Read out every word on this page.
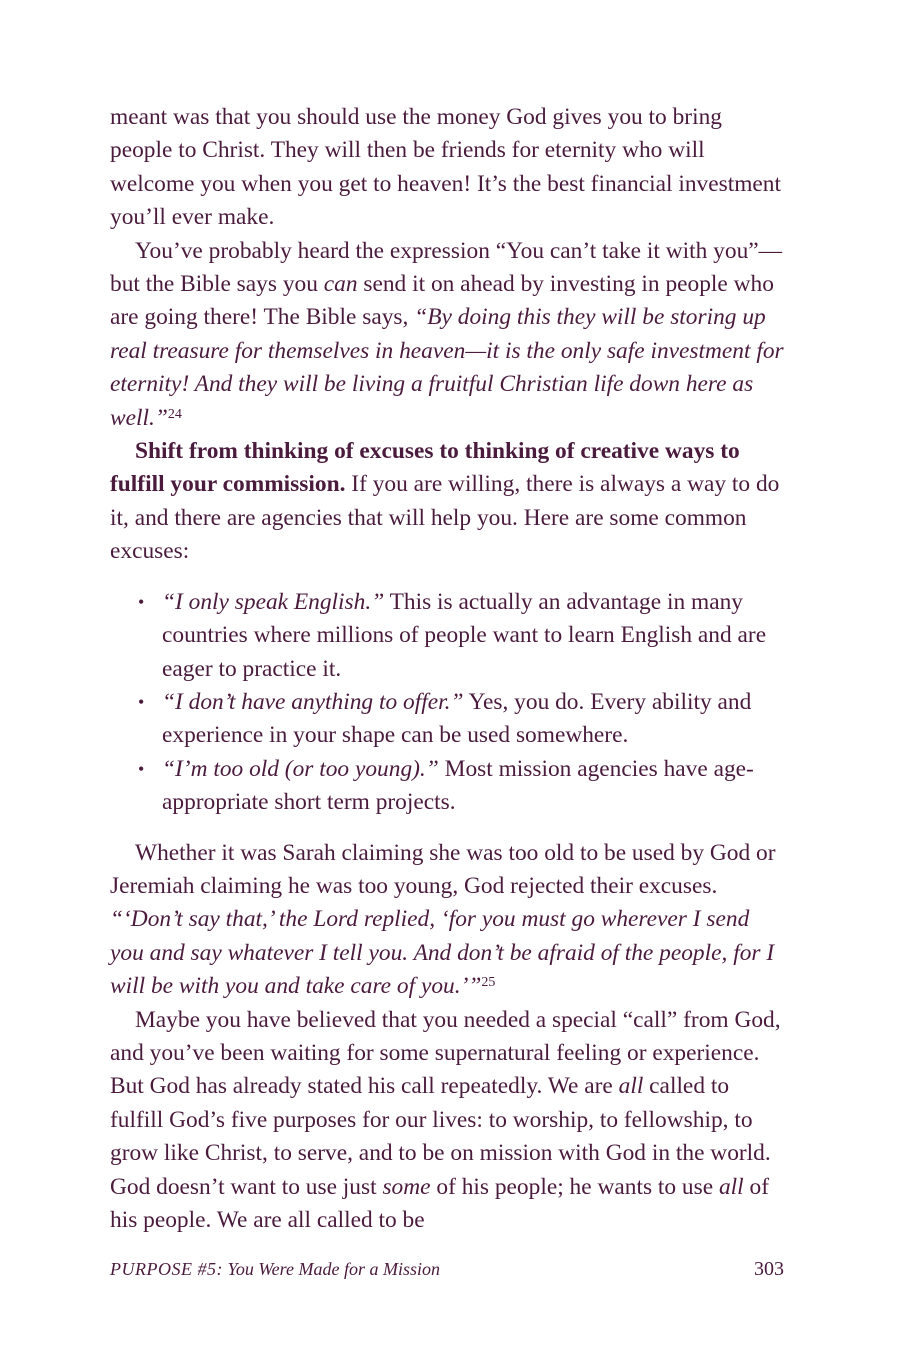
meant was that you should use the money God gives you to bring people to Christ. They will then be friends for eternity who will welcome you when you get to heaven! It’s the best financial investment you’ll ever make.

You’ve probably heard the expression “You can’t take it with you”—but the Bible says you can send it on ahead by investing in people who are going there! The Bible says, “By doing this they will be storing up real treasure for themselves in heaven—it is the only safe investment for eternity! And they will be living a fruitful Christian life down here as well.”$^{24}$

Shift from thinking of excuses to thinking of creative ways to fulfill your commission. If you are willing, there is always a way to do it, and there are agencies that will help you. Here are some common excuses:

• “I only speak English.” This is actually an advantage in many countries where millions of people want to learn English and are eager to practice it.
• “I don’t have anything to offer.” Yes, you do. Every ability and experience in your shape can be used somewhere.
• “I’m too old (or too young).” Most mission agencies have age-appropriate short term projects.

Whether it was Sarah claiming she was too old to be used by God or Jeremiah claiming he was too young, God rejected their excuses. “‘Don’t say that,’ the Lord replied, ‘for you must go wherever I send you and say whatever I tell you. And don’t be afraid of the people, for I will be with you and take care of you.’”$^{25}$

Maybe you have believed that you needed a special “call” from God, and you’ve been waiting for some supernatural feeling or experience. But God has already stated his call repeatedly. We are all called to fulfill God’s five purposes for our lives: to worship, to fellowship, to grow like Christ, to serve, and to be on mission with God in the world. God doesn’t want to use just some of his people; he wants to use all of his people. We are all called to be

PURPOSE #5: You Were Made for a Mission	303
